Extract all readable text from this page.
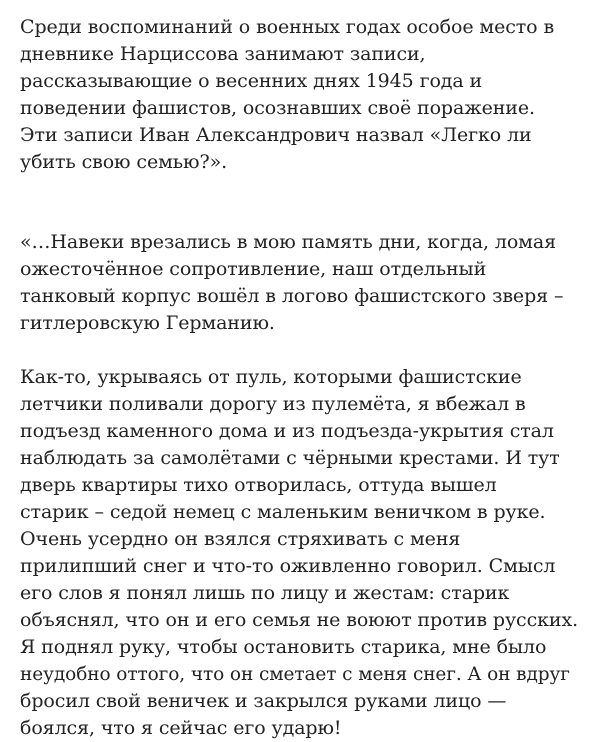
Среди воспоминаний о военных годах особое место в
дневнике Нарциссова занимают записи,
рассказывающие о весенних днях 1945 года и
поведении фашистов, осознавших своё поражение.
Эти записи Иван Александрович назвал «Легко ли
убить свою семью?».
«…Навеки врезались в мою память дни, когда, ломая
ожесточённое сопротивление, наш отдельный
танковый корпус вошёл в логово фашистского зверя –
гитлеровскую Германию.
Как-то, укрываясь от пуль, которыми фашистские
летчики поливали дорогу из пулемёта, я вбежал в
подъезд каменного дома и из подъезда-укрытия стал
наблюдать за самолётами с чёрными крестами. И тут
дверь квартиры тихо отворилась, оттуда вышел
старик – седой немец с маленьким веничком в руке.
Очень усердно он взялся стряхивать с меня
прилипший снег и что-то оживленно говорил. Смысл
его слов я понял лишь по лицу и жестам: старик
объяснял, что он и его семья не воюют против русских.
Я поднял руку, чтобы остановить старика, мне было
неудобно оттого, что он сметает с меня снег. А он вдруг
бросил свой веничек и закрылся руками лицо —
боялся, что я сейчас его ударю!
